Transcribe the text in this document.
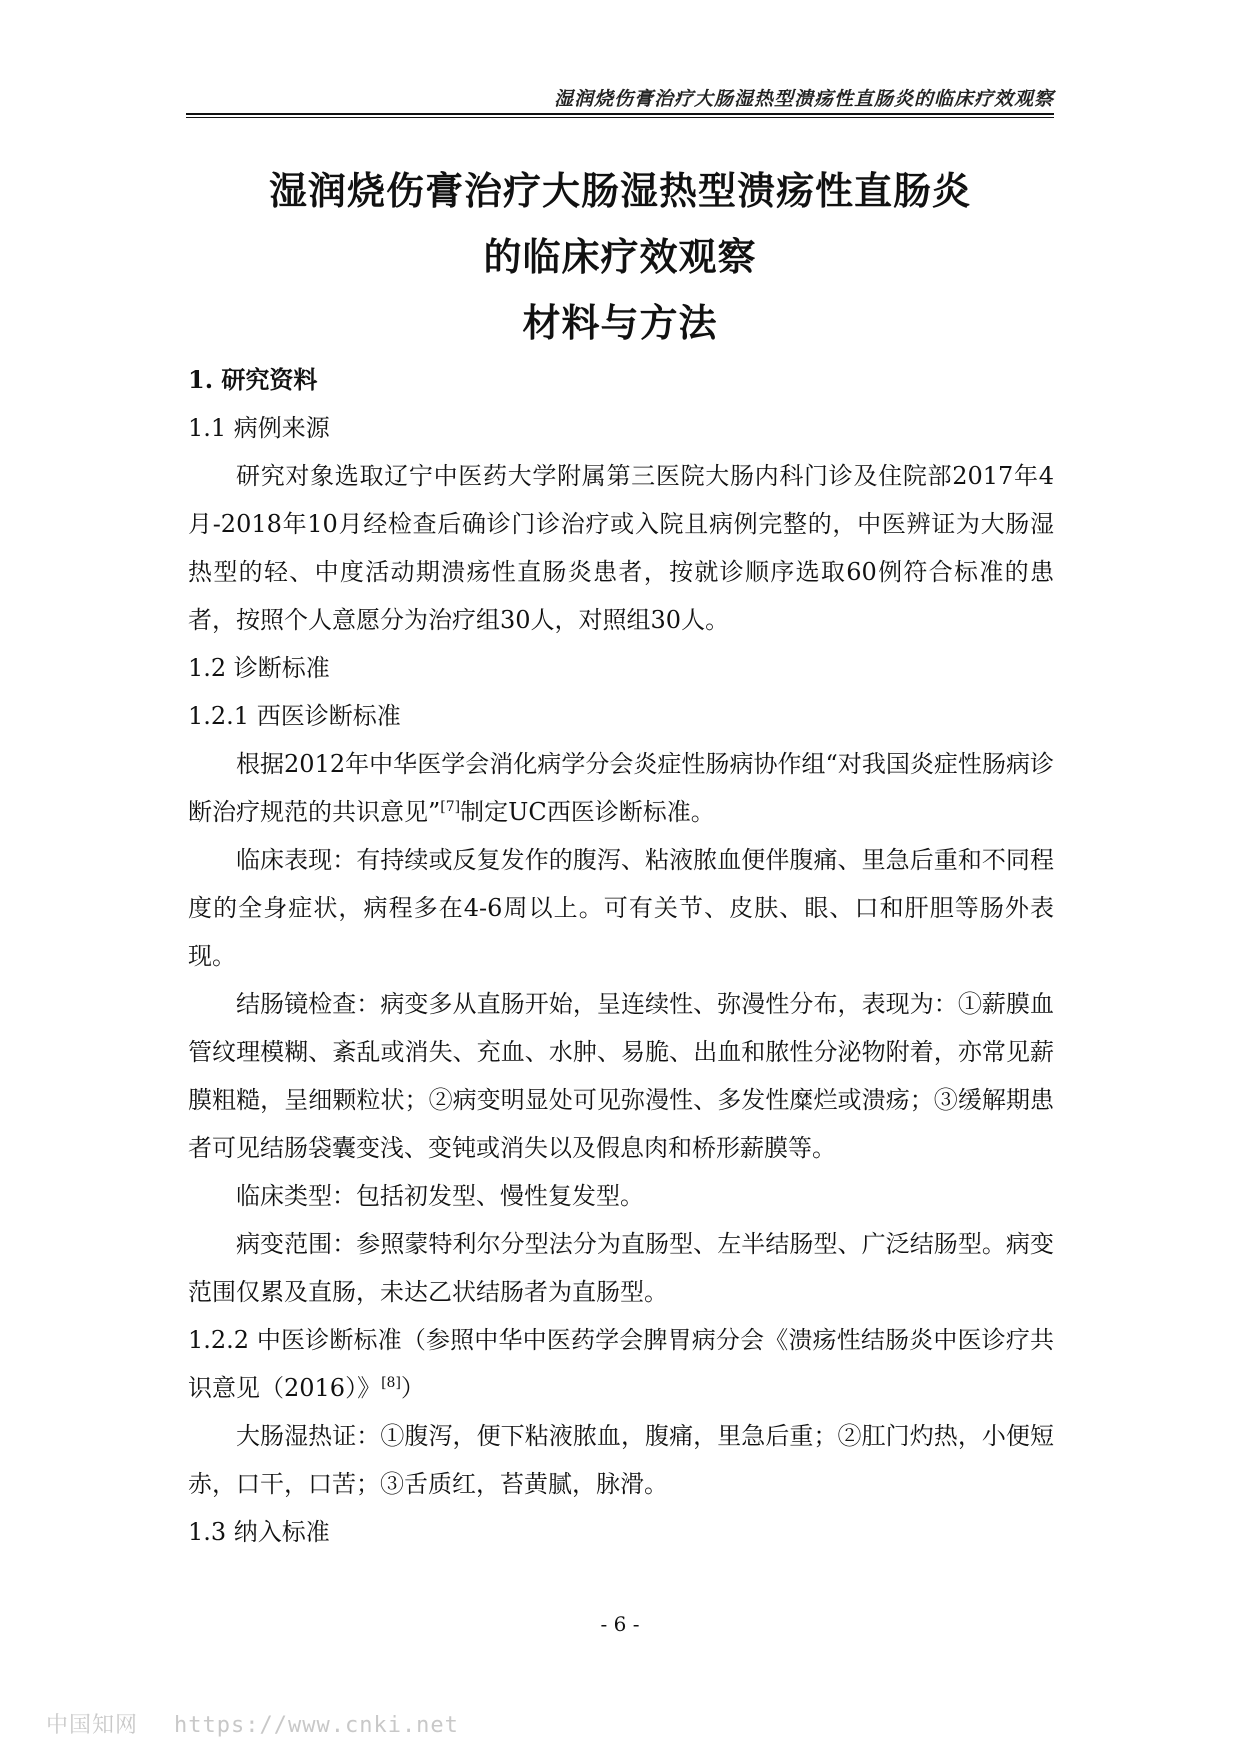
湿润烧伤膏治疗大肠湿热型溃疡性直肠炎的临床疗效观察
湿润烧伤膏治疗大肠湿热型溃疡性直肠炎
的临床疗效观察
材料与方法
1. 研究资料
1.1 病例来源
研究对象选取辽宁中医药大学附属第三医院大肠内科门诊及住院部2017年4月-2018年10月经检查后确诊门诊治疗或入院且病例完整的，中医辨证为大肠湿热型的轻、中度活动期溃疡性直肠炎患者，按就诊顺序选取60例符合标准的患者，按照个人意愿分为治疗组30人，对照组30人。
1.2 诊断标准
1.2.1 西医诊断标准
根据2012年中华医学会消化病学分会炎症性肠病协作组“对我国炎症性肠病诊断治疗规范的共识意见”[7]制定UC西医诊断标准。
临床表现：有持续或反复发作的腹泻、粘液脓血便伴腹痛、里急后重和不同程度的全身症状，病程多在4-6周以上。可有关节、皮肤、眼、口和肝胆等肠外表现。
结肠镜检查：病变多从直肠开始，呈连续性、弥漫性分布，表现为：①薪膜血管纹理模糊、紊乱或消失、充血、水肿、易脆、出血和脓性分泌物附着，亦常见薪膜粗糙，呈细颗粒状；②病变明显处可见弥漫性、多发性糜烂或溃疡；③缓解期患者可见结肠袋囊变浅、变钝或消失以及假息肉和桥形薪膜等。
临床类型：包括初发型、慢性复发型。
病变范围：参照蒙特利尔分型法分为直肠型、左半结肠型、广泛结肠型。病变范围仅累及直肠，未达乙状结肠者为直肠型。
1.2.2 中医诊断标准（参照中华中医药学会脾胃病分会《溃疡性结肠炎中医诊疗共识意见（2016）》[8]）
大肠湿热证：①腹泻，便下粘液脓血，腹痛，里急后重；②肛门灼热，小便短赤，口干，口苦；③舌质红，苔黄腻，脉滑。
1.3 纳入标准
- 6 -
中国知网 https://www.cnki.net
